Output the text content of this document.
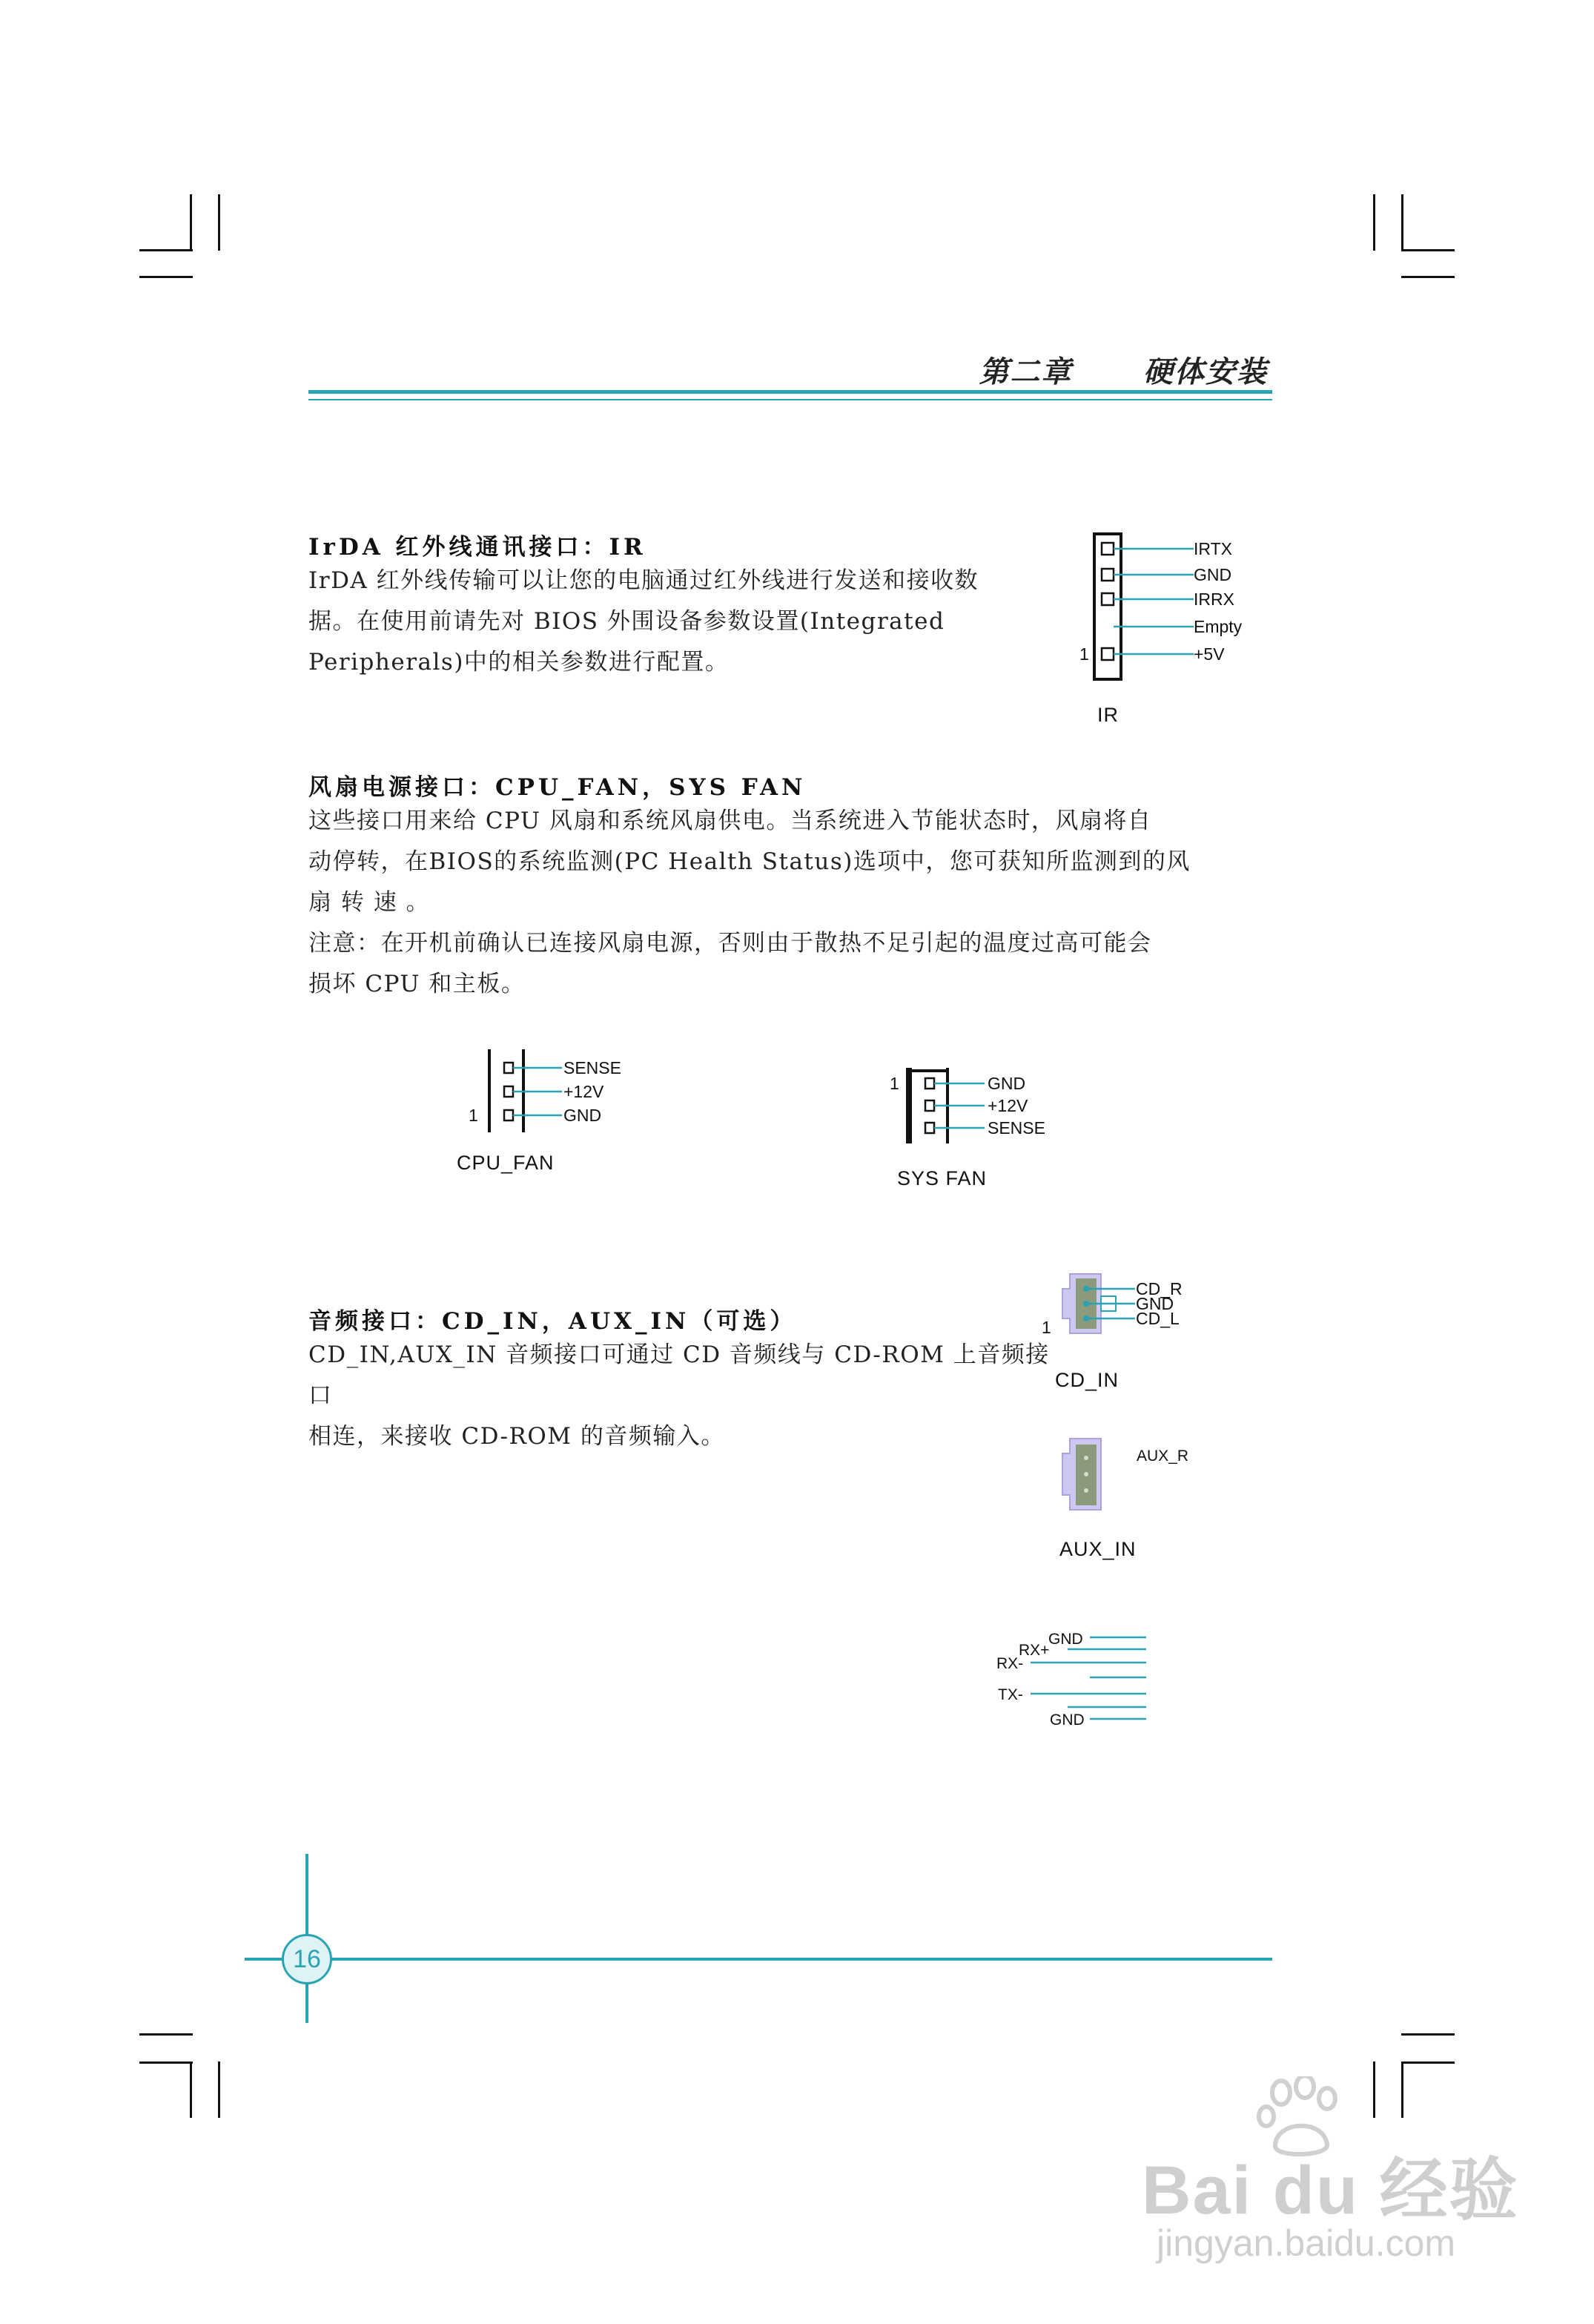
第二章 硬体安装
IrDA 红外线通讯接口：IR

IrDA 红外线传输可以让您的电脑通过红外线进行发送和接收数

据。在使用前请先对 BIOS 外围设备参数设置(Integrated

Peripherals)中的相关参数进行配置。

IRTX
GND
IRRX
Empty
+5V
1
IR
风扇电源接口：CPU_FAN，SYS FAN

这些接口用来给 CPU 风扇和系统风扇供电。当系统进入节能状态时，风扇将自

动停转，在BIOS的系统监测(PC Health Status)选项中，您可获知所监测到的风

扇 转 速 。

注意：在开机前确认已连接风扇电源，否则由于散热不足引起的温度过高可能会

损坏 CPU 和主板。

SENSE
+12V
GND
1
CPU_FAN
GND
+12V
SENSE
1
SYS FAN
音频接口：CD_IN，AUX_IN（可选）

CD_IN,AUX_IN 音频接口可通过 CD 音频线与 CD-ROM 上音频接口

相连，来接收 CD-ROM 的音频输入。

CD_R
GND
CD_L
1
CD_IN
AUX_R
AUX_IN
GND
RX+
RX-
TX-
GND
16
Bai du 经验
jingyan.baidu.com
